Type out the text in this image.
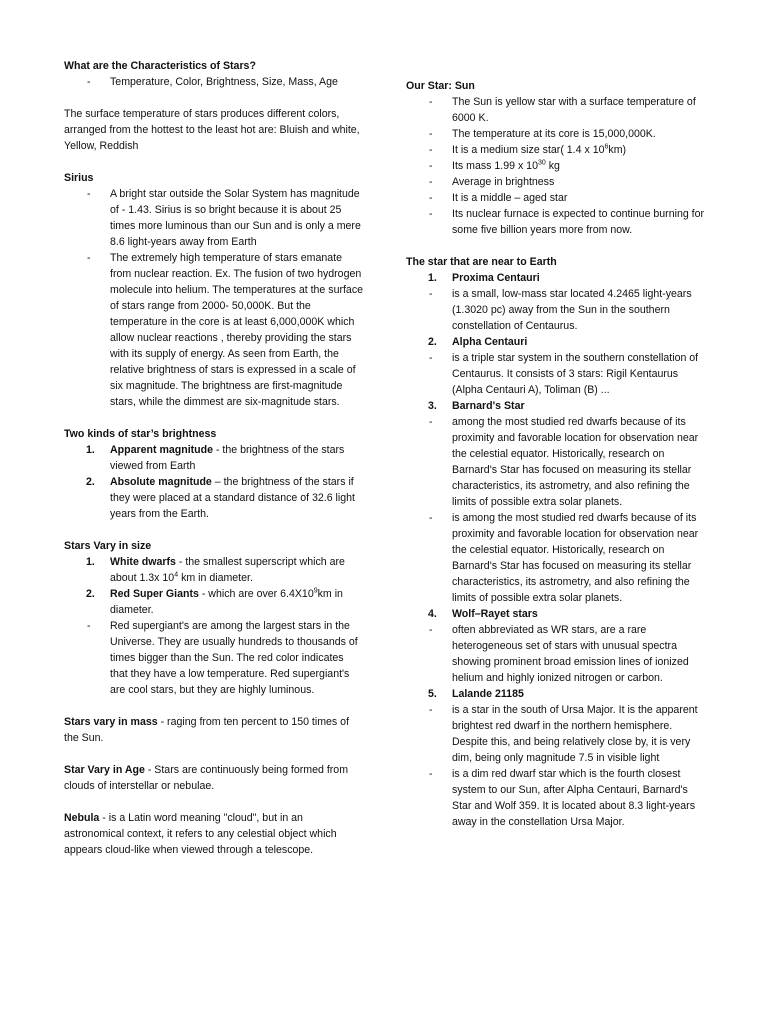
What are the Characteristics of Stars?

- Temperature, Color, Brightness, Size, Mass, Age

The surface temperature of stars produces different colors, arranged from the hottest to the least hot are: Bluish and white, Yellow, Reddish

Sirius

- A bright star outside the Solar System has magnitude of - 1.43. Sirius is so bright because it is about 25 times more luminous than our Sun and is only a mere 8.6 light-years away from Earth
- The extremely high temperature of stars emanate from nuclear reaction. Ex. The fusion of two hydrogen molecule into helium. The temperatures at the surface of stars range from 2000- 50,000K. But the temperature in the core is at least 6,000,000K which allow nuclear reactions , thereby providing the stars with its supply of energy. As seen from Earth, the relative brightness of stars is expressed in a scale of six magnitude. The brightness are first-magnitude stars, while the dimmest are six-magnitude stars.

Two kinds of star’s brightness

1. Apparent magnitude - the brightness of the stars viewed from Earth
2. Absolute magnitude – the brightness of the stars if they were placed at a standard distance of 32.6 light years from the Earth.

Stars Vary in size

1. White dwarfs - the smallest superscript which are about 1.3x $10^4$ km in diameter.
2. Red Super Giants - which are over $6.4X10^9km$ in diameter.
- Red supergiant's are among the largest stars in the Universe. They are usually hundreds to thousands of times bigger than the Sun. The red color indicates that they have a low temperature. Red supergiant's are cool stars, but they are highly luminous.

Stars vary in mass - raging from ten percent to 150 times of the Sun.

Star Vary in Age - Stars are continuously being formed from clouds of interstellar or nebulae.

Nebula - is a Latin word meaning "cloud", but in an astronomical context, it refers to any celestial object which appears cloud-like when viewed through a telescope.

Our Star: Sun

- The Sun is yellow star with a surface temperature of 6000 K.
- The temperature at its core is 15,000,000K.
- It is a medium size star( 1.4 x $10^6km$)
- Its mass 1.99 x $10^{30}$ kg
- Average in brightness
- It is a middle – aged star
- Its nuclear furnace is expected to continue burning for some five billion years more from now.

The star that are near to Earth

1. Proxima Centauri
- is a small, low-mass star located 4.2465 light-years (1.3020 pc) away from the Sun in the southern constellation of Centaurus.
2. Alpha Centauri
- is a triple star system in the southern constellation of Centaurus. It consists of 3 stars: Rigil Kentaurus (Alpha Centauri A), Toliman (B) ...
3. Barnard's Star
- among the most studied red dwarfs because of its proximity and favorable location for observation near the celestial equator. Historically, research on Barnard's Star has focused on measuring its stellar characteristics, its astrometry, and also refining the limits of possible extra solar planets.
- is among the most studied red dwarfs because of its proximity and favorable location for observation near the celestial equator. Historically, research on Barnard's Star has focused on measuring its stellar characteristics, its astrometry, and also refining the limits of possible extra solar planets.
4. Wolf–Rayet stars
- often abbreviated as WR stars, are a rare heterogeneous set of stars with unusual spectra showing prominent broad emission lines of ionized helium and highly ionized nitrogen or carbon.
5. Lalande 21185
- is a star in the south of Ursa Major. It is the apparent brightest red dwarf in the northern hemisphere. Despite this, and being relatively close by, it is very dim, being only magnitude 7.5 in visible light
- is a dim red dwarf star which is the fourth closest system to our Sun, after Alpha Centauri, Barnard's Star and Wolf 359. It is located about 8.3 light-years away in the constellation Ursa Major.
